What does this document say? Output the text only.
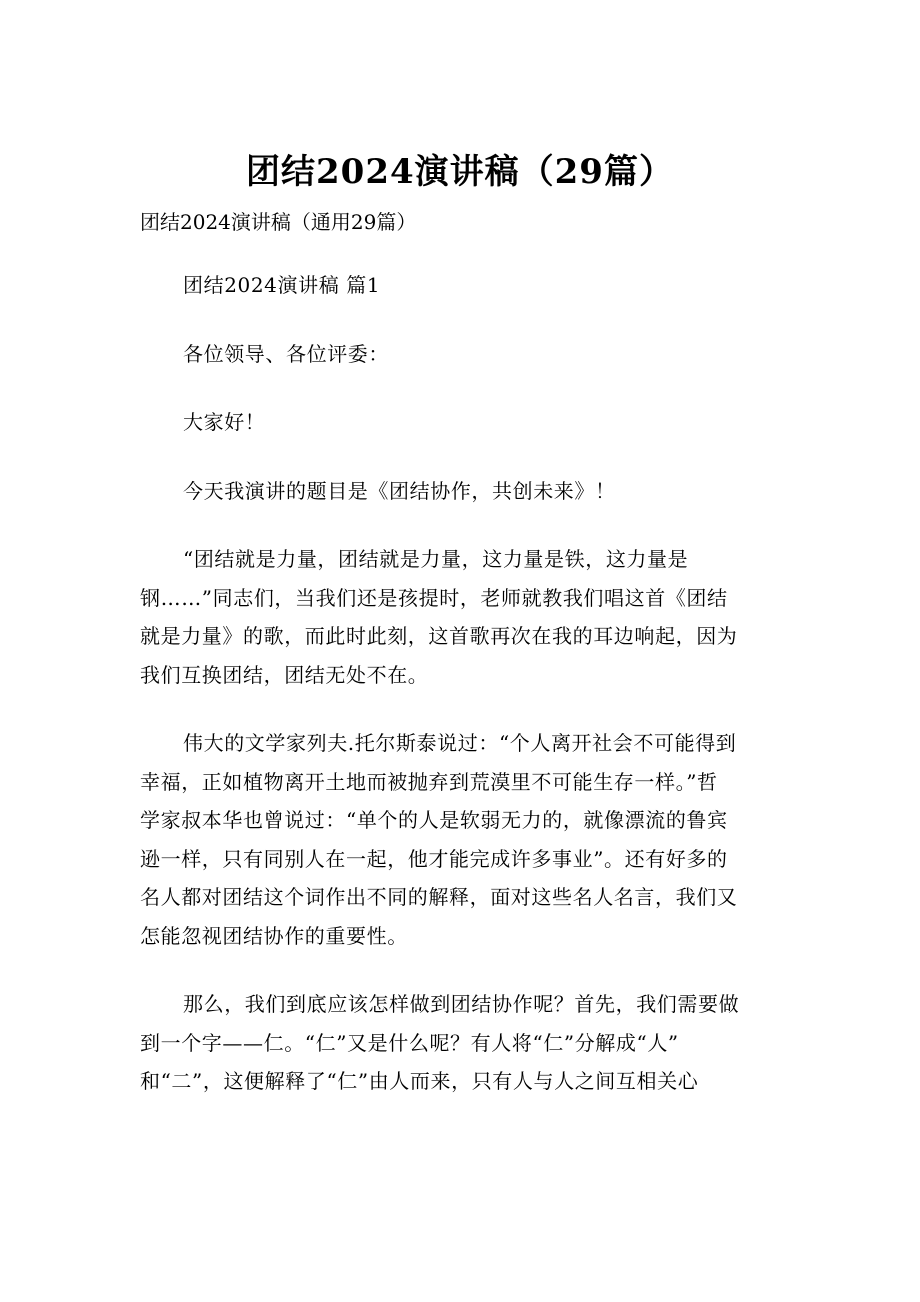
团结2024演讲稿（29篇）
团结2024演讲稿（通用29篇）

团结2024演讲稿 篇1

各位领导、各位评委：

大家好！

今天我演讲的题目是《团结协作，共创未来》！

“团结就是力量，团结就是力量，这力量是铁，这力量是
钢……”同志们，当我们还是孩提时，老师就教我们唱这首《团结
就是力量》的歌，而此时此刻，这首歌再次在我的耳边响起，因为
我们互换团结，团结无处不在。

伟大的文学家列夫.托尔斯泰说过：“个人离开社会不可能得到
幸福，正如植物离开土地而被抛弃到荒漠里不可能生存一样。”哲
学家叔本华也曾说过：“单个的人是软弱无力的，就像漂流的鲁宾
逊一样，只有同别人在一起，他才能完成许多事业”。还有好多的
名人都对团结这个词作出不同的解释，面对这些名人名言，我们又
怎能忽视团结协作的重要性。

那么，我们到底应该怎样做到团结协作呢？首先，我们需要做
到一个字——仁。“仁”又是什么呢？有人将“仁”分解成“人”
和“二”，这便解释了“仁”由人而来，只有人与人之间互相关心
